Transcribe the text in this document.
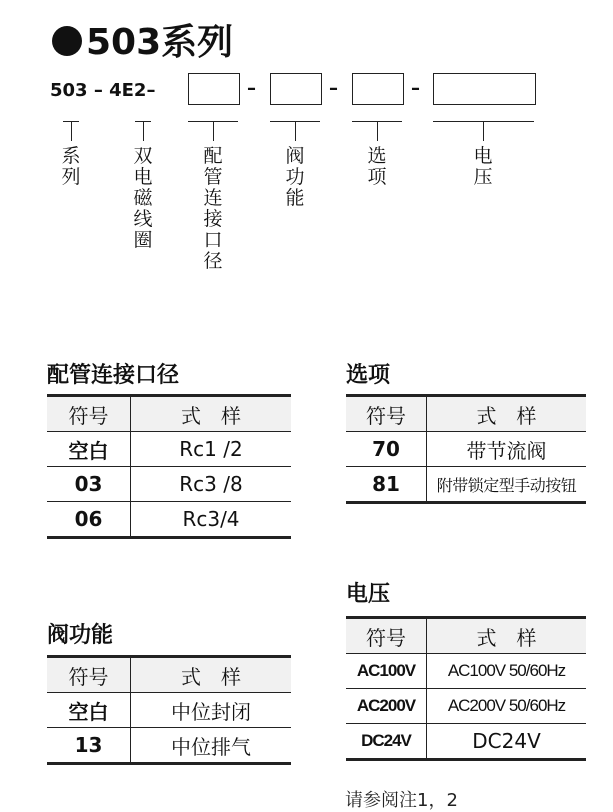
503系列
503 – 4E2–	–	–	–
系列
双电磁线圈
配管连接口径
阀功能
选项
电压
配管连接口径
符号	式　样
空白	Rc1 /2
03	Rc3 /8
06	Rc3/4
阀功能
符号	式　样
空白	中位封闭
13	中位排气
选项
符号	式　样
70	带节流阀
81	附带锁定型手动按钮
电压
符号	式　样
AC100V	AC100V 50/60Hz
AC200V	AC200V 50/60Hz
DC24V	DC24V
请参阅注1，2
